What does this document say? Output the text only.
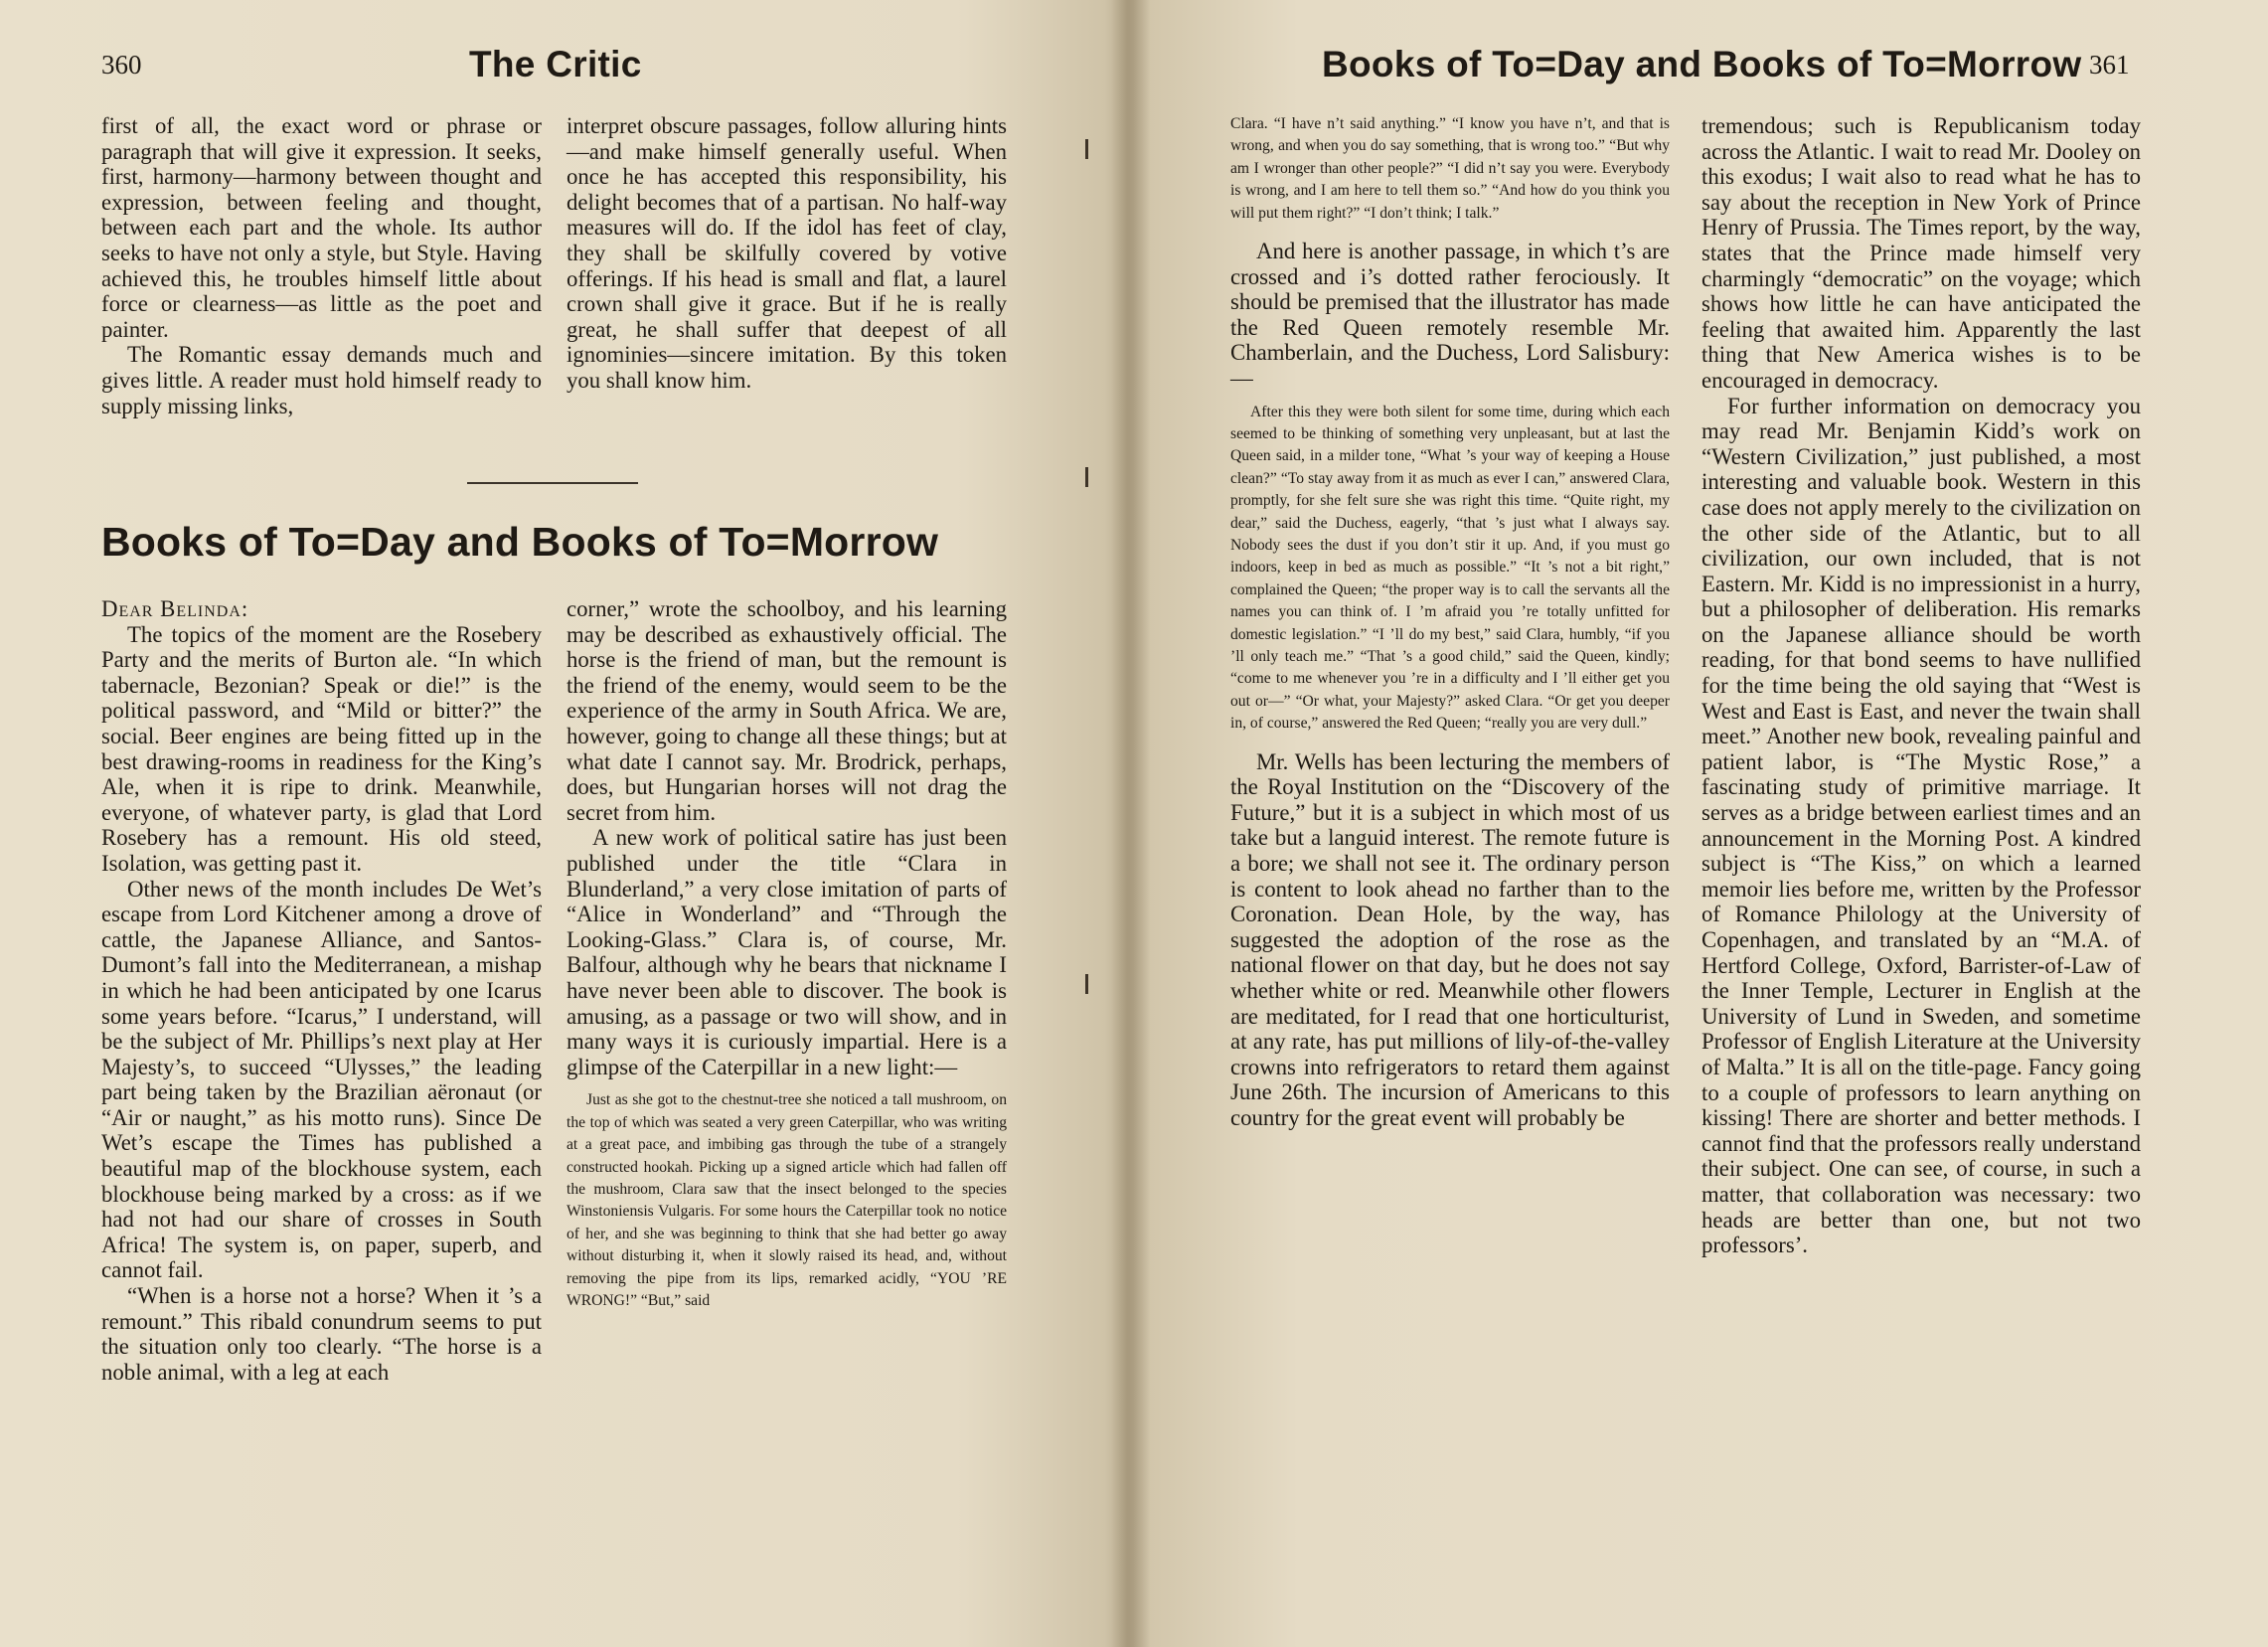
360	The Critic

first of all, the exact word or phrase or paragraph that will give it expression. It seeks, first, harmony—harmony between thought and expression, between feeling and thought, between each part and the whole. Its author seeks to have not only a style, but Style. Having achieved this, he troubles himself little about force or clearness—as little as the poet and painter.

The Romantic essay demands much and gives little. A reader must hold himself ready to supply missing links,

interpret obscure passages, follow alluring hints—and make himself generally useful. When once he has accepted this responsibility, his delight becomes that of a partisan. No half-way measures will do. If the idol has feet of clay, they shall be skilfully covered by votive offerings. If his head is small and flat, a laurel crown shall give it grace. But if he is really great, he shall suffer that deepest of all ignominies—sincere imitation. By this token you shall know him.

Books of To=Day and Books of To=Morrow

Dear Belinda:

The topics of the moment are the Rosebery Party and the merits of Burton ale. “In which tabernacle, Bezonian? Speak or die!” is the political password, and “Mild or bitter?” the social. Beer engines are being fitted up in the best drawing-rooms in readiness for the King’s Ale, when it is ripe to drink. Meanwhile, everyone, of whatever party, is glad that Lord Rosebery has a remount. His old steed, Isolation, was getting past it.

Other news of the month includes De Wet’s escape from Lord Kitchener among a drove of cattle, the Japanese Alliance, and Santos-Dumont’s fall into the Mediterranean, a mishap in which he had been anticipated by one Icarus some years before. “Icarus,” I understand, will be the subject of Mr. Phillips’s next play at Her Majesty’s, to succeed “Ulysses,” the leading part being taken by the Brazilian aëronaut (or “Air or naught,” as his motto runs). Since De Wet’s escape the Times has published a beautiful map of the blockhouse system, each blockhouse being marked by a cross: as if we had not had our share of crosses in South Africa! The system is, on paper, superb, and cannot fail.

“When is a horse not a horse? When it ’s a remount.” This ribald conundrum seems to put the situation only too clearly. “The horse is a noble animal, with a leg at each

corner,” wrote the schoolboy, and his learning may be described as exhaustively official. The horse is the friend of man, but the remount is the friend of the enemy, would seem to be the experience of the army in South Africa. We are, however, going to change all these things; but at what date I cannot say. Mr. Brodrick, perhaps, does, but Hungarian horses will not drag the secret from him.

A new work of political satire has just been published under the title “Clara in Blunderland,” a very close imitation of parts of “Alice in Wonderland” and “Through the Looking-Glass.” Clara is, of course, Mr. Balfour, although why he bears that nickname I have never been able to discover. The book is amusing, as a passage or two will show, and in many ways it is curiously impartial. Here is a glimpse of the Caterpillar in a new light:—

Just as she got to the chestnut-tree she noticed a tall mushroom, on the top of which was seated a very green Caterpillar, who was writing at a great pace, and imbibing gas through the tube of a strangely constructed hookah. Picking up a signed article which had fallen off the mushroom, Clara saw that the insect belonged to the species Winstoniensis Vulgaris. For some hours the Caterpillar took no notice of her, and she was beginning to think that she had better go away without disturbing it, when it slowly raised its head, and, without removing the pipe from its lips, remarked acidly, “YOU ’RE WRONG!” “But,” said

Books of To=Day and Books of To=Morrow 361

Clara. “I have n’t said anything.” “I know you have n’t, and that is wrong, and when you do say something, that is wrong too.” “But why am I wronger than other people?” “I did n’t say you were. Everybody is wrong, and I am here to tell them so.” “And how do you think you will put them right?” “I don’t think; I talk.”

And here is another passage, in which t’s are crossed and i’s dotted rather ferociously. It should be premised that the illustrator has made the Red Queen remotely resemble Mr. Chamberlain, and the Duchess, Lord Salisbury:—

After this they were both silent for some time, during which each seemed to be thinking of something very unpleasant, but at last the Queen said, in a milder tone, “What ’s your way of keeping a House clean?” “To stay away from it as much as ever I can,” answered Clara, promptly, for she felt sure she was right this time. “Quite right, my dear,” said the Duchess, eagerly, “that ’s just what I always say. Nobody sees the dust if you don’t stir it up. And, if you must go indoors, keep in bed as much as possible.” “It ’s not a bit right,” complained the Queen; “the proper way is to call the servants all the names you can think of. I ’m afraid you ’re totally unfitted for domestic legislation.” “I ’ll do my best,” said Clara, humbly, “if you ’ll only teach me.” “That ’s a good child,” said the Queen, kindly; “come to me whenever you ’re in a difficulty and I ’ll either get you out or—” “Or what, your Majesty?” asked Clara. “Or get you deeper in, of course,” answered the Red Queen; “really you are very dull.”

Mr. Wells has been lecturing the members of the Royal Institution on the “Discovery of the Future,” but it is a subject in which most of us take but a languid interest. The remote future is a bore; we shall not see it. The ordinary person is content to look ahead no farther than to the Coronation. Dean Hole, by the way, has suggested the adoption of the rose as the national flower on that day, but he does not say whether white or red. Meanwhile other flowers are meditated, for I read that one horticulturist, at any rate, has put millions of lily-of-the-valley crowns into refrigerators to retard them against June 26th. The incursion of Americans to this country for the great event will probably be

tremendous; such is Republicanism today across the Atlantic. I wait to read Mr. Dooley on this exodus; I wait also to read what he has to say about the reception in New York of Prince Henry of Prussia. The Times report, by the way, states that the Prince made himself very charmingly “democratic” on the voyage; which shows how little he can have anticipated the feeling that awaited him. Apparently the last thing that New America wishes is to be encouraged in democracy.

For further information on democracy you may read Mr. Benjamin Kidd’s work on “Western Civilization,” just published, a most interesting and valuable book. Western in this case does not apply merely to the civilization on the other side of the Atlantic, but to all civilization, our own included, that is not Eastern. Mr. Kidd is no impressionist in a hurry, but a philosopher of deliberation. His remarks on the Japanese alliance should be worth reading, for that bond seems to have nullified for the time being the old saying that “West is West and East is East, and never the twain shall meet.” Another new book, revealing painful and patient labor, is “The Mystic Rose,” a fascinating study of primitive marriage. It serves as a bridge between earliest times and an announcement in the Morning Post. A kindred subject is “The Kiss,” on which a learned memoir lies before me, written by the Professor of Romance Philology at the University of Copenhagen, and translated by an “M.A. of Hertford College, Oxford, Barrister-of-Law of the Inner Temple, Lecturer in English at the University of Lund in Sweden, and sometime Professor of English Literature at the University of Malta.” It is all on the title-page. Fancy going to a couple of professors to learn anything on kissing! There are shorter and better methods. I cannot find that the professors really understand their subject. One can see, of course, in such a matter, that collaboration was necessary: two heads are better than one, but not two professors’.
